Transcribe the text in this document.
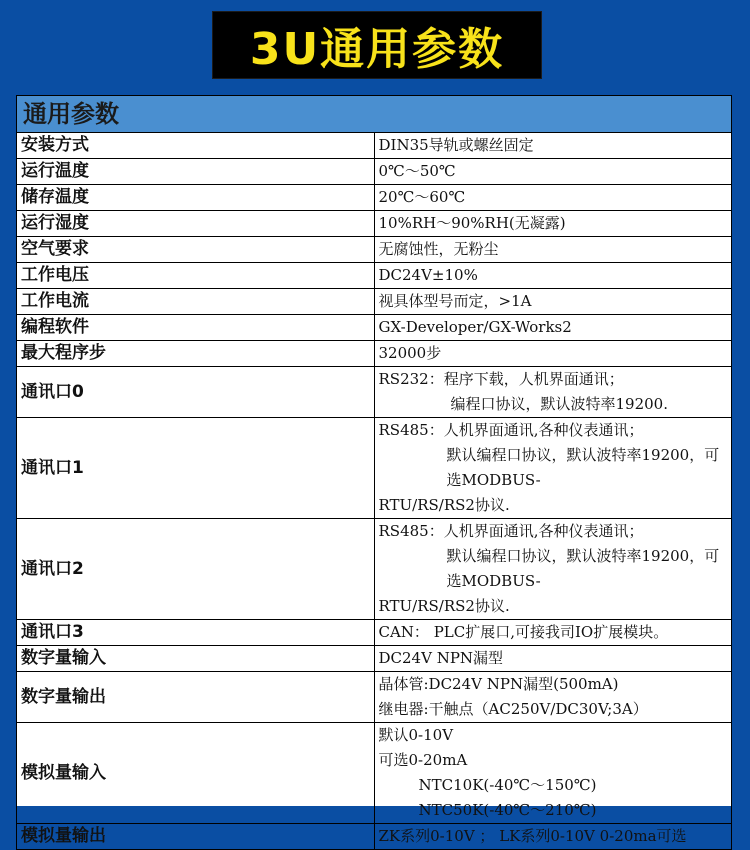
3U通用参数
通用参数	
安装方式	DIN35导轨或螺丝固定

运行温度	0℃～50℃

储存温度	20℃～60℃

运行湿度	10%RH～90%RH(无凝露)

空气要求	无腐蚀性，无粉尘

工作电压	DC24V±10%

工作电流	视具体型号而定，>1A

编程软件	GX-Developer/GX-Works2

最大程序步	32000步

通讯口0	RS232：程序下载，人机界面通讯；
编程口协议，默认波特率19200.

通讯口1	RS485：人机界面通讯,各种仪表通讯；
默认编程口协议，默认波特率19200，可选MODBUS-
RTU/RS/RS2协议.

通讯口2	RS485：人机界面通讯,各种仪表通讯；
默认编程口协议，默认波特率19200，可选MODBUS-
RTU/RS/RS2协议.

通讯口3	CAN： PLC扩展口,可接我司IO扩展模块。

数字量输入	DC24V NPN漏型

数字量输出	晶体管:DC24V NPN漏型(500mA)
继电器:干触点（AC250V/DC30V;3A）

模拟量输入	默认0-10V
可选0-20mA
NTC10K(-40℃～150℃)
NTC50K(-40℃～210℃)

模拟量输出	ZK系列0-10V ； LK系列0-10V 0-20ma可选
